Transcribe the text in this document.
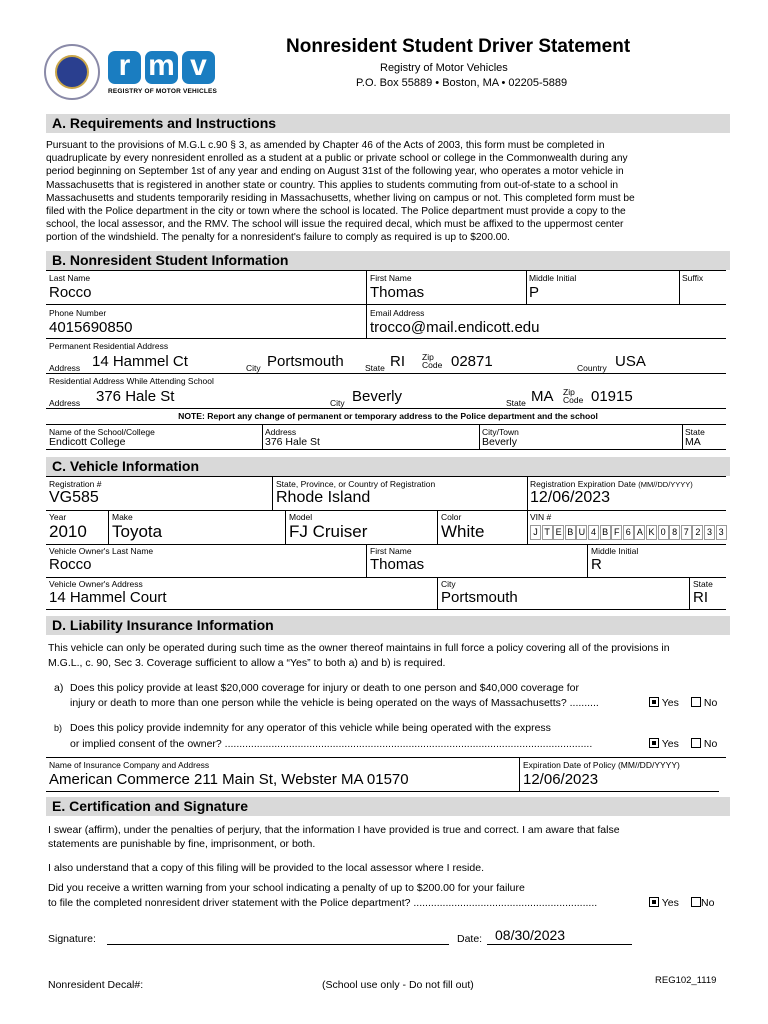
r m v
REGISTRY OF MOTOR VEHICLES
Nonresident Student Driver Statement
Registry of Motor Vehicles
P.O. Box 55889 • Boston, MA • 02205-5889
A. Requirements and Instructions
Pursuant to the provisions of M.G.L c.90 § 3, as amended by Chapter 46 of the Acts of 2003, this form must be completed in
quadruplicate by every nonresident enrolled as a student at a public or private school or college in the Commonwealth during any
period beginning on September 1st of any year and ending on August 31st of the following year, who operates a motor vehicle in
Massachusetts that is registered in another state or country. This applies to students commuting from out-of-state to a school in
Massachusetts and students temporarily residing in Massachusetts, whether living on campus or not. This completed form must be
filed with the Police department in the city or town where the school is located. The Police department must provide a copy to the
school, the local assessor, and the RMV. The school will issue the required decal, which must be affixed to the uppermost center
portion of the windshield. The penalty for a nonresident's failure to comply as required is up to $200.00.
B. Nonresident Student Information
Last Name	First Name	Middle Initial	Suffix
Rocco	Thomas	P
Phone Number	Email Address
4015690850	trocco@mail.endicott.edu
Permanent Residential Address
Address 14 Hammel Ct	City Portsmouth	State RI Zip
Code 02871	Country USA
Residential Address While Attending School
Address 376 Hale St	City Beverly	State MA Zip
Code 01915
NOTE: Report any change of permanent or temporary address to the Police department and the school
Name of the School/College	Address	City/Town	State
Endicott College	376 Hale St	Beverly	MA
C. Vehicle Information
Registration #	State, Province, or Country of Registration	Registration Expiration Date (MM//DD/YYYY)
VG585	Rhode Island	12/06/2023
Year	Make	Model	Color	VIN #
2010 Toyota	FJ Cruiser	White	J T E B U 4 B F 6 A K 0 8 7 2 3 3
Vehicle Owner's Last Name	First Name	Middle Initial
Rocco	Thomas	R
Vehicle Owner's Address	City	State
14 Hammel Court	Portsmouth	RI
D. Liability Insurance Information
This vehicle can only be operated during such time as the owner thereof maintains in full force a policy covering all of the provisions in
M.G.L., c. 90, Sec 3. Coverage sufficient to allow a “Yes” to both a) and b) is required.
a) Does this policy provide at least $20,000 coverage for injury or death to one person and $40,000 coverage for
injury or death to more than one person while the vehicle is being operated on the ways of Massachusetts? ..........	Yes	No
b) Does this policy provide indemnity for any operator of this vehicle while being operated with the express
or implied consent of the owner? ..............................................................................................................................	Yes	No
Name of Insurance Company and Address	Expiration Date of Policy (MM//DD/YYYY)
American Commerce 211 Main St, Webster MA 01570	12/06/2023
E. Certification and Signature
I swear (affirm), under the penalties of perjury, that the information I have provided is true and correct. I am aware that false
statements are punishable by fine, imprisonment, or both.
I also understand that a copy of this filing will be provided to the local assessor where I reside.
Did you receive a written warning from your school indicating a penalty of up to $200.00 for your failure
to file the completed nonresident driver statement with the Police department? ...............................................................	Yes	No
Signature:	Date: 08/30/2023
Nonresident Decal#:	(School use only - Do not fill out)	REG102_1119
